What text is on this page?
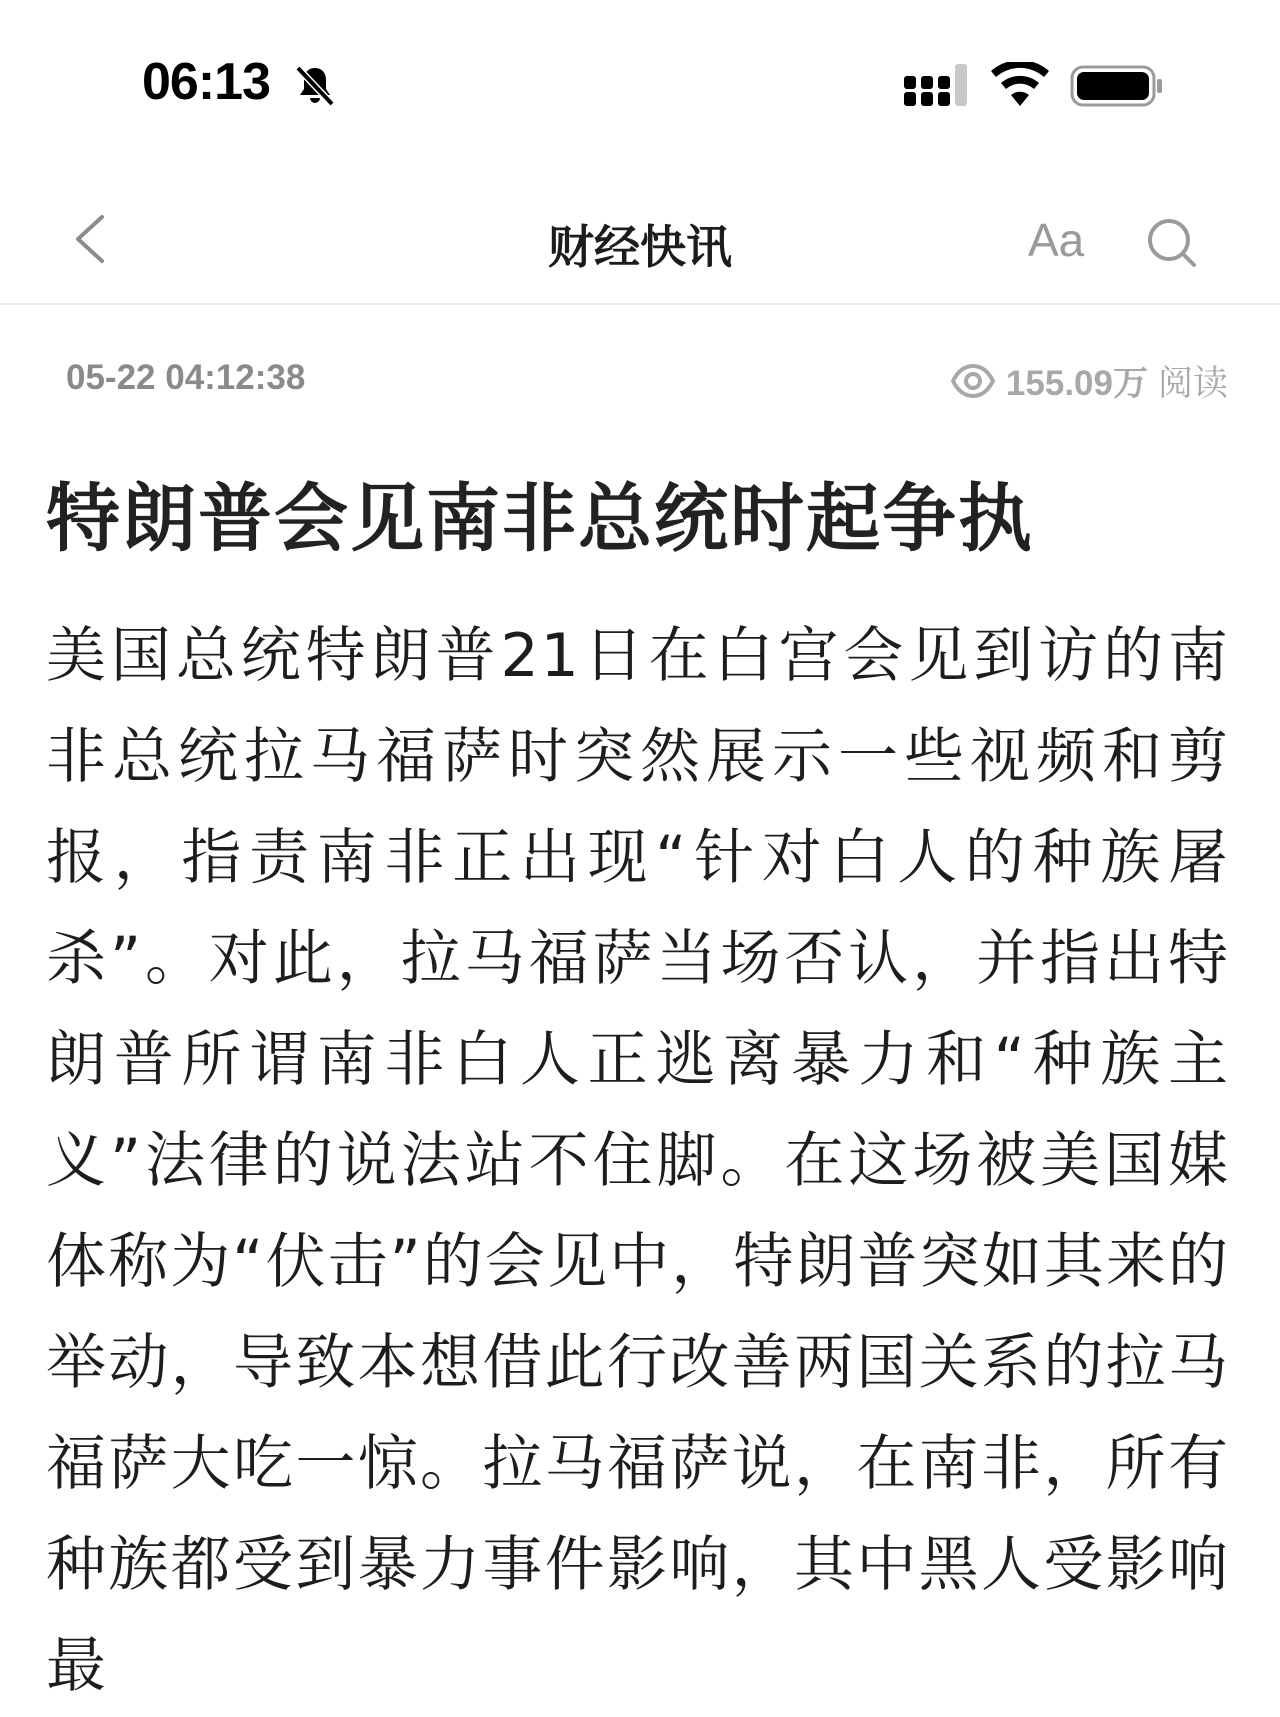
06:13
财经快讯	Aa
05-22 04:12:38	155.09万 阅读
特朗普会见南非总统时起争执

美国总统特朗普21日在白宫会见到访的南非总统拉马福萨时突然展示一些视频和剪报，指责南非正出现“针对白人的种族屠杀”。对此，拉马福萨当场否认，并指出特朗普所谓南非白人正逃离暴力和“种族主义”法律的说法站不住脚。在这场被美国媒体称为“伏击”的会见中，特朗普突如其来的举动，导致本想借此行改善两国关系的拉马福萨大吃一惊。拉马福萨说，在南非，所有种族都受到暴力事件影响，其中黑人受影响最
